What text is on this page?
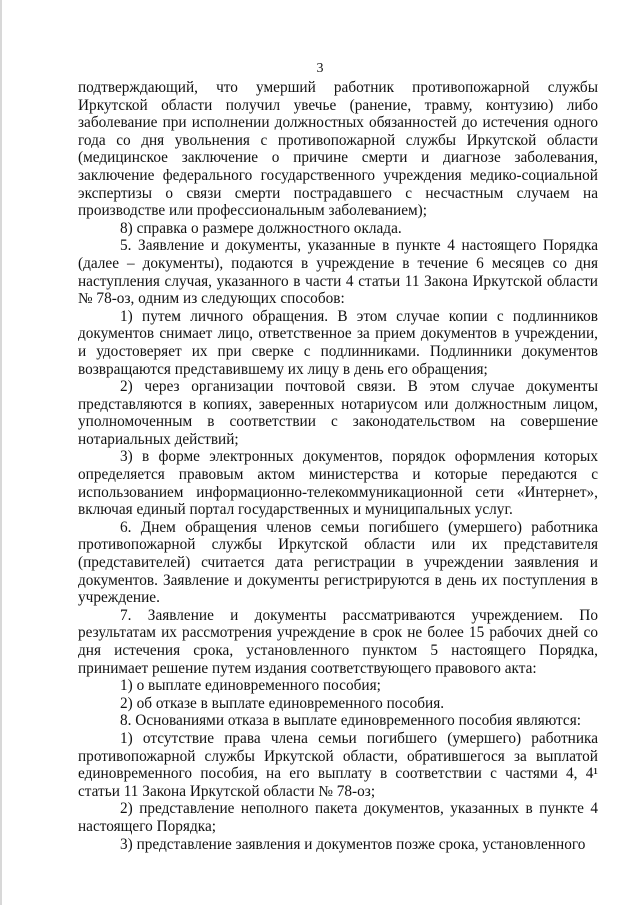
3

подтверждающий, что умерший работник противопожарной службы Иркутской области получил увечье (ранение, травму, контузию) либо заболевание при исполнении должностных обязанностей до истечения одного года со дня увольнения с противопожарной службы Иркутской области (медицинское заключение о причине смерти и диагнозе заболевания, заключение федерального государственного учреждения медико-социальной экспертизы о связи смерти пострадавшего с несчастным случаем на производстве или профессиональным заболеванием);

8) справка о размере должностного оклада.

5. Заявление и документы, указанные в пункте 4 настоящего Порядка (далее – документы), подаются в учреждение в течение 6 месяцев со дня наступления случая, указанного в части 4 статьи 11 Закона Иркутской области № 78-оз, одним из следующих способов:

1) путем личного обращения. В этом случае копии с подлинников документов снимает лицо, ответственное за прием документов в учреждении, и удостоверяет их при сверке с подлинниками. Подлинники документов возвращаются представившему их лицу в день его обращения;

2) через организации почтовой связи. В этом случае документы представляются в копиях, заверенных нотариусом или должностным лицом, уполномоченным в соответствии с законодательством на совершение нотариальных действий;

3) в форме электронных документов, порядок оформления которых определяется правовым актом министерства и которые передаются с использованием информационно-телекоммуникационной сети «Интернет», включая единый портал государственных и муниципальных услуг.

6. Днем обращения членов семьи погибшего (умершего) работника противопожарной службы Иркутской области или их представителя (представителей) считается дата регистрации в учреждении заявления и документов. Заявление и документы регистрируются в день их поступления в учреждение.

7. Заявление и документы рассматриваются учреждением. По результатам их рассмотрения учреждение в срок не более 15 рабочих дней со дня истечения срока, установленного пунктом 5 настоящего Порядка, принимает решение путем издания соответствующего правового акта:

1) о выплате единовременного пособия;

2) об отказе в выплате единовременного пособия.

8. Основаниями отказа в выплате единовременного пособия являются:

1) отсутствие права члена семьи погибшего (умершего) работника противопожарной службы Иркутской области, обратившегося за выплатой единовременного пособия, на его выплату в соответствии с частями 4, 4¹ статьи 11 Закона Иркутской области № 78-оз;

2) представление неполного пакета документов, указанных в пункте 4 настоящего Порядка;

3) представление заявления и документов позже срока, установленного
